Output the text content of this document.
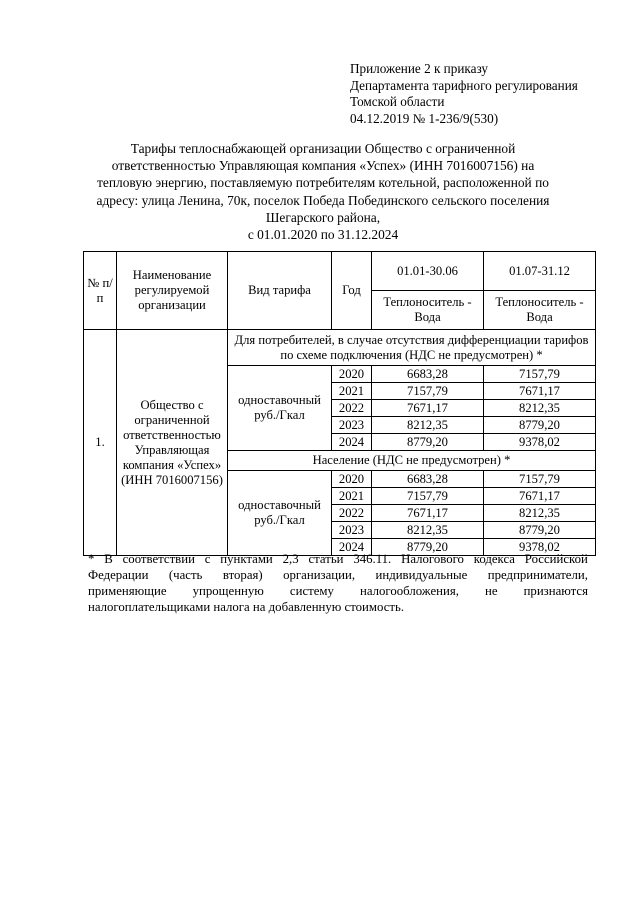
Приложение 2 к приказу
Департамента тарифного регулирования
Томской области
04.12.2019 № 1-236/9(530)
Тарифы теплоснабжающей организации Общество с ограниченной
ответственностью Управляющая компания «Успех» (ИНН 7016007156) на
тепловую энергию, поставляемую потребителям котельной, расположенной по
адресу: улица Ленина, 70к, поселок Победа Побединского сельского поселения
Шегарского района,
с 01.01.2020 по 31.12.2024
№ п/п	Наименование регулируемой организации	Вид тарифа	Год	01.01-30.06	01.07-31.12
				Теплоноситель - Вода	Теплоноситель - Вода
1.	Общество с ограниченной ответственностью Управляющая компания «Успех» (ИНН 7016007156)	Для потребителей, в случае отсутствия дифференциации тарифов по схеме подключения (НДС не предусмотрен) *			
		одноставочный руб./Гкал	2020	6683,28	7157,79
			2021	7157,79	7671,17
			2022	7671,17	8212,35
			2023	8212,35	8779,20
			2024	8779,20	9378,02
		Население (НДС не предусмотрен) *			
		одноставочный руб./Гкал	2020	6683,28	7157,79
			2021	7157,79	7671,17
			2022	7671,17	8212,35
			2023	8212,35	8779,20
			2024	8779,20	9378,02
* В соответствии с пунктами 2,3 статьи 346.11. Налогового кодекса Российской
Федерации (часть вторая) организации, индивидуальные предприниматели,
применяющие упрощенную систему налогообложения, не признаются
налогоплательщиками налога на добавленную стоимость.
